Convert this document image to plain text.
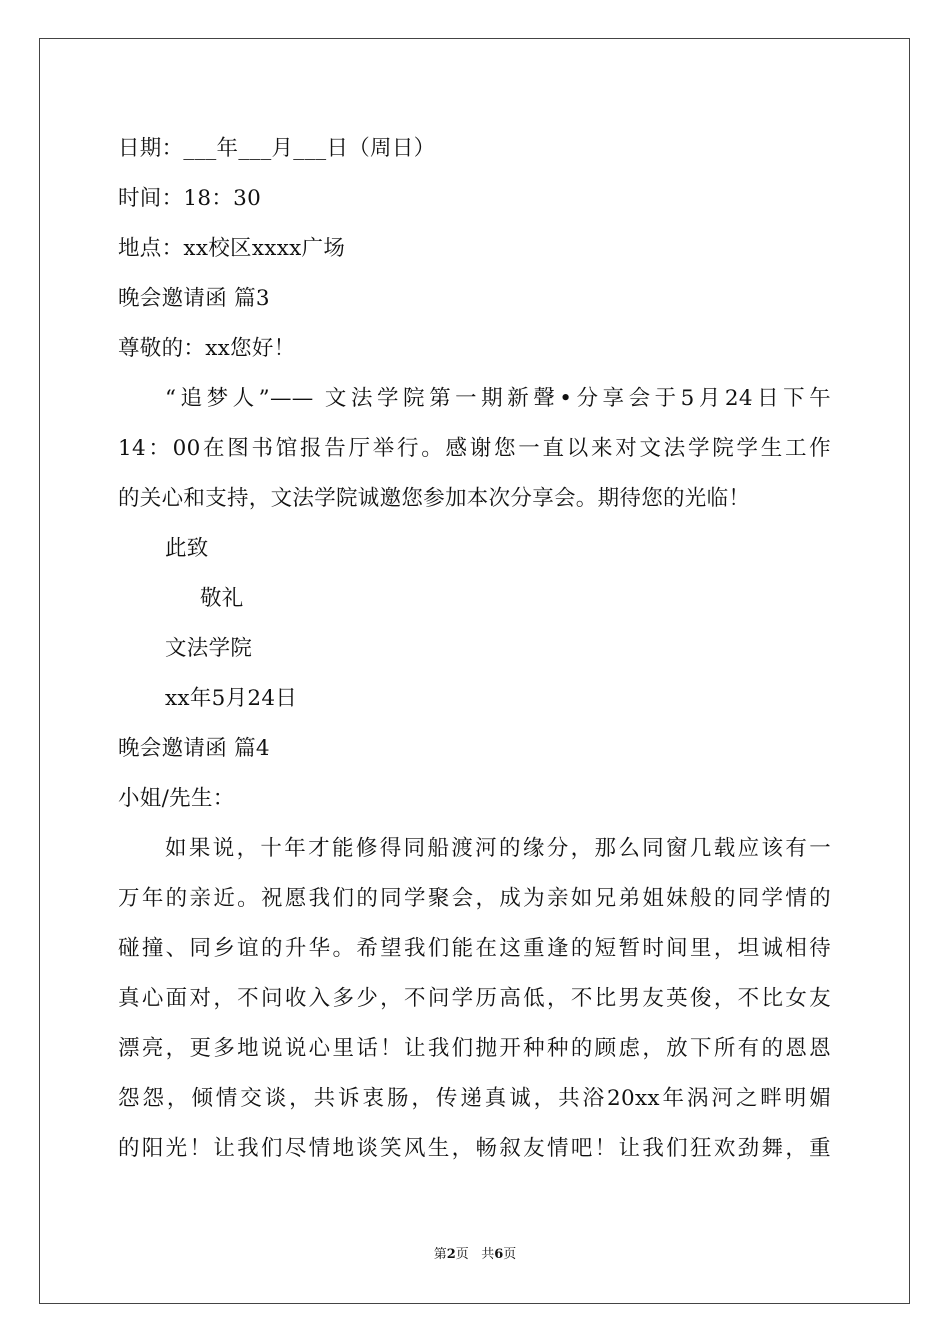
日期：___年___月___日（周日）
时间：18：30
地点：xx校区xxxx广场
晚会邀请函 篇3
尊敬的：xx您好！
“追梦人”—— 文法学院第一期新聲•分享会于5月24日下午
14：00在图书馆报告厅举行。感谢您一直以来对文法学院学生工作
的关心和支持，文法学院诚邀您参加本次分享会。期待您的光临！
此致
敬礼
文法学院
xx年5月24日
晚会邀请函 篇4
小姐/先生：
如果说，十年才能修得同船渡河的缘分，那么同窗几载应该有一
万年的亲近。祝愿我们的同学聚会，成为亲如兄弟姐妹般的同学情的
碰撞、同乡谊的升华。希望我们能在这重逢的短暂时间里，坦诚相待
真心面对，不问收入多少，不问学历高低，不比男友英俊，不比女友
漂亮，更多地说说心里话！让我们抛开种种的顾虑，放下所有的恩恩
怨怨，倾情交谈，共诉衷肠，传递真诚，共浴20xx年涡河之畔明媚
的阳光！让我们尽情地谈笑风生，畅叙友情吧！让我们狂欢劲舞，重
第2页 共6页
